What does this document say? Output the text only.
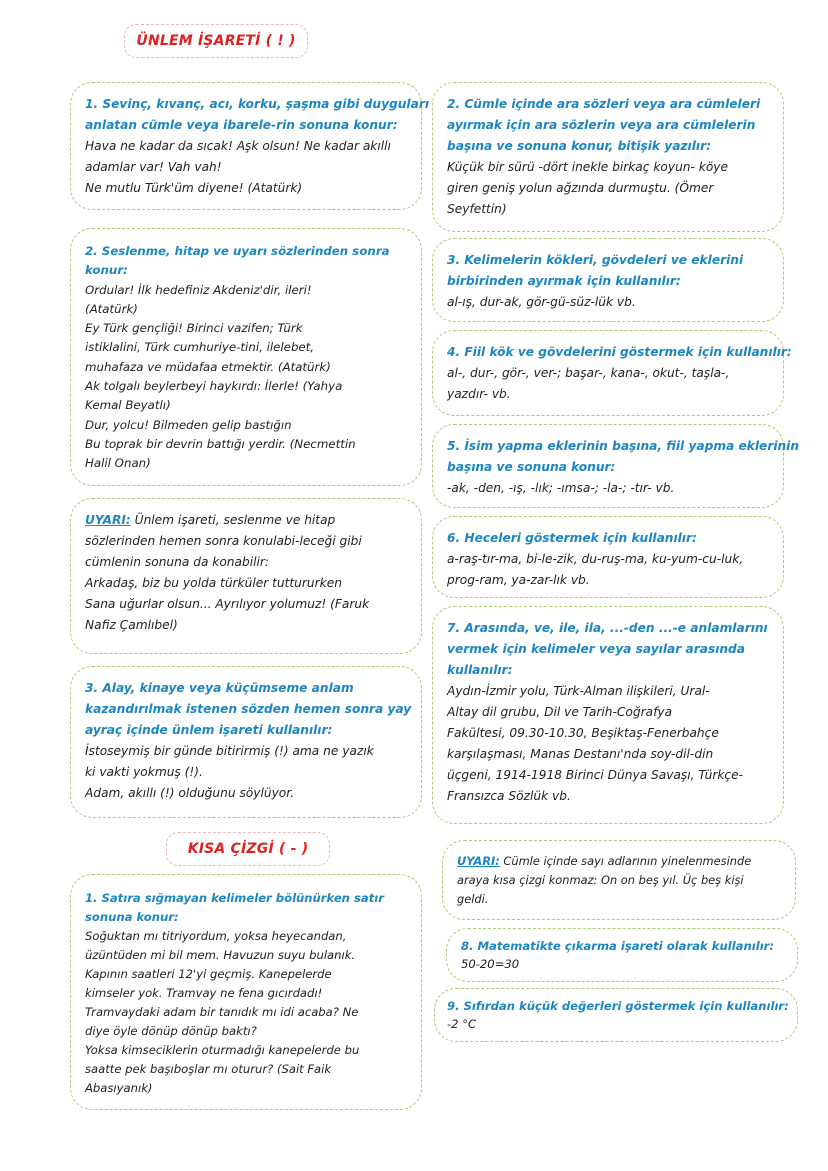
ÜNLEM İŞARETİ ( ! )
KISA ÇİZGİ ( - )
1. Sevinç, kıvanç, acı, korku, şaşma gibi duyguları
anlatan cümle veya ibarele-rin sonuna konur:
Hava ne kadar da sıcak! Aşk olsun! Ne kadar akıllı
adamlar var! Vah vah!
Ne mutlu Türk'üm diyene! (Atatürk)
2. Seslenme, hitap ve uyarı sözlerinden sonra
konur:
Ordular! İlk hedefiniz Akdeniz'dir, ileri!
(Atatürk)
Ey Türk gençliği! Birinci vazifen; Türk
istiklalini, Türk cumhuriye-tini, ilelebet,
muhafaza ve müdafaa etmektir. (Atatürk)
Ak tolgalı beylerbeyi haykırdı: İlerle! (Yahya
Kemal Beyatlı)
Dur, yolcu! Bilmeden gelip bastığın
Bu toprak bir devrin battığı yerdir. (Necmettin
Halil Onan)
UYARI: Ünlem işareti, seslenme ve hitap
sözlerinden hemen sonra konulabi-leceği gibi
cümlenin sonuna da konabilir:
Arkadaş, biz bu yolda türküler tuttururken
Sana uğurlar olsun... Ayrılıyor yolumuz! (Faruk
Nafiz Çamlıbel)
3. Alay, kinaye veya küçümseme anlam
kazandırılmak istenen sözden hemen sonra yay
ayraç içinde ünlem işareti kullanılır:
İstoseymiş bir günde bitirirmiş (!) ama ne yazık
ki vakti yokmuş (!).
Adam, akıllı (!) olduğunu söylüyor.
1. Satıra sığmayan kelimeler bölünürken satır
sonuna konur:
Soğuktan mı titriyordum, yoksa heyecandan,
üzüntüden mi bil mem. Havuzun suyu bulanık.
Kapının saatleri 12'yi geçmiş. Kanepelerde
kimseler yok. Tramvay ne fena gıcırdadı!
Tramvaydaki adam bir tanıdık mı idi acaba? Ne
diye öyle dönüp dönüp baktı?
Yoksa kimseciklerin oturmadığı kanepelerde bu
saatte pek başıboşlar mı oturur? (Sait Faik
Abasıyanık)
2. Cümle içinde ara sözleri veya ara cümleleri
ayırmak için ara sözlerin veya ara cümlelerin
başına ve sonuna konur, bitişik yazılır:
Küçük bir sürü -dört inekle birkaç koyun- köye
giren geniş yolun ağzında durmuştu. (Ömer
Seyfettin)
3. Kelimelerin kökleri, gövdeleri ve eklerini
birbirinden ayırmak için kullanılır:
al-ış, dur-ak, gör-gü-süz-lük vb.
4. Fiil kök ve gövdelerini göstermek için kullanılır:
al-, dur-, gör-, ver-; başar-, kana-, okut-, taşla-,
yazdır- vb.
5. İsim yapma eklerinin başına, fiil yapma eklerinin
başına ve sonuna konur:
-ak, -den, -ış, -lık; -ımsa-; -la-; -tır- vb.
6. Heceleri göstermek için kullanılır:
a-raş-tır-ma, bi-le-zik, du-ruş-ma, ku-yum-cu-luk,
prog-ram, ya-zar-lık vb.
7. Arasında, ve, ile, ila, ...-den ...-e anlamlarını
vermek için kelimeler veya sayılar arasında
kullanılır:
Aydın-İzmir yolu, Türk-Alman ilişkileri, Ural-
Altay dil grubu, Dil ve Tarih-Coğrafya
Fakültesi, 09.30-10.30, Beşiktaş-Fenerbahçe
karşılaşması, Manas Destanı'nda soy-dil-din
üçgeni, 1914-1918 Birinci Dünya Savaşı, Türkçe-
Fransızca Sözlük vb.
UYARI: Cümle içinde sayı adlarının yinelenmesinde
araya kısa çizgi konmaz: On on beş yıl. Üç beş kişi
geldi.
8. Matematikte çıkarma işareti olarak kullanılır:
50-20=30
9. Sıfırdan küçük değerleri göstermek için kullanılır:
-2 °C
